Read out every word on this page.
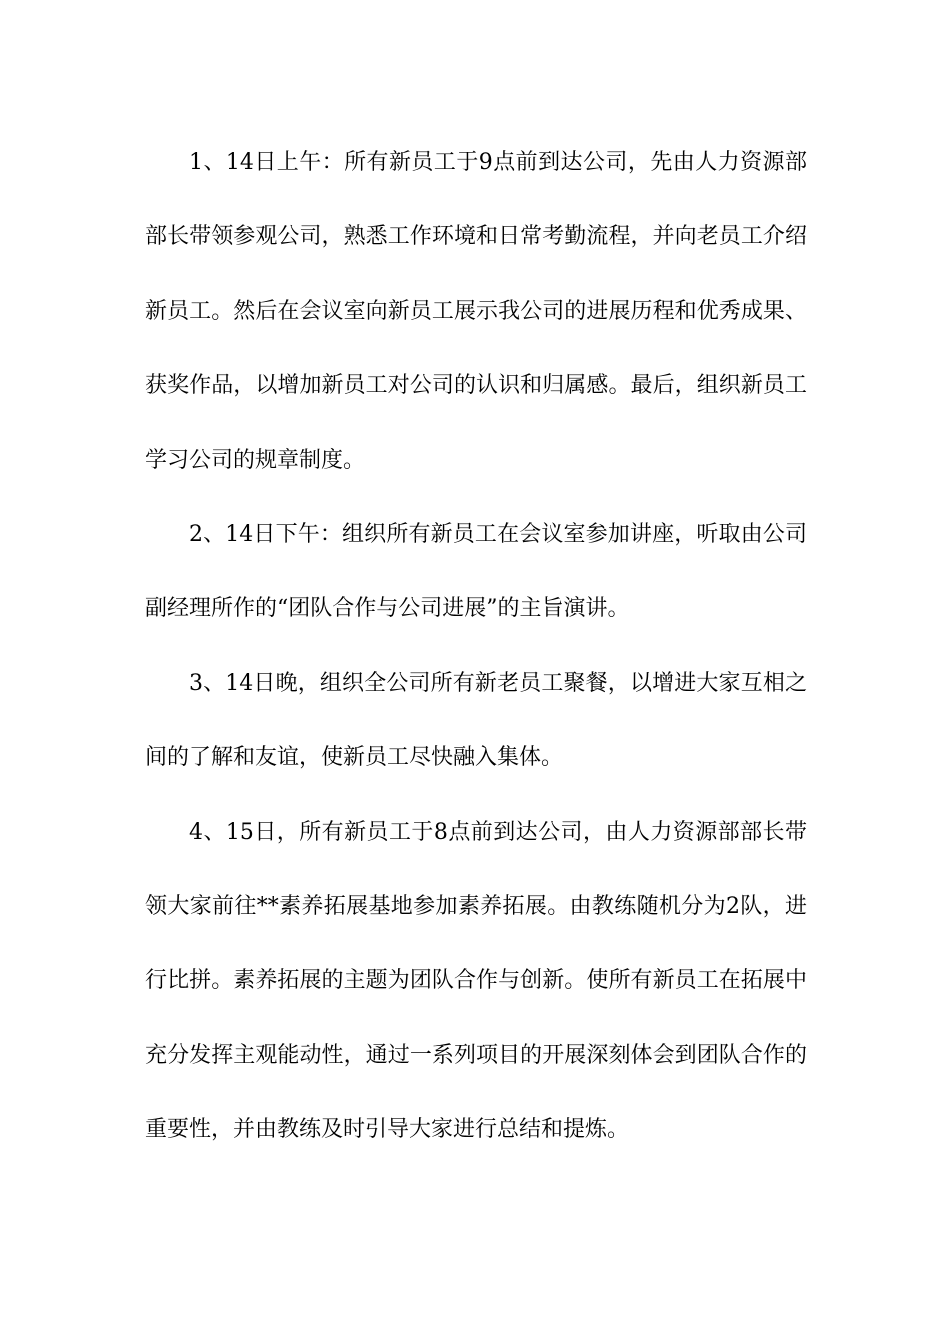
1、14日上午：所有新员工于9点前到达公司，先由人力资源部部长带领参观公司，熟悉工作环境和日常考勤流程，并向老员工介绍新员工。然后在会议室向新员工展示我公司的进展历程和优秀成果、获奖作品，以增加新员工对公司的认识和归属感。最后，组织新员工学习公司的规章制度。

2、14日下午：组织所有新员工在会议室参加讲座，听取由公司副经理所作的“团队合作与公司进展”的主旨演讲。

3、14日晚，组织全公司所有新老员工聚餐，以增进大家互相之间的了解和友谊，使新员工尽快融入集体。

4、15日，所有新员工于8点前到达公司，由人力资源部部长带领大家前往**素养拓展基地参加素养拓展。由教练随机分为2队，进行比拼。素养拓展的主题为团队合作与创新。使所有新员工在拓展中充分发挥主观能动性，通过一系列项目的开展深刻体会到团队合作的重要性，并由教练及时引导大家进行总结和提炼。
